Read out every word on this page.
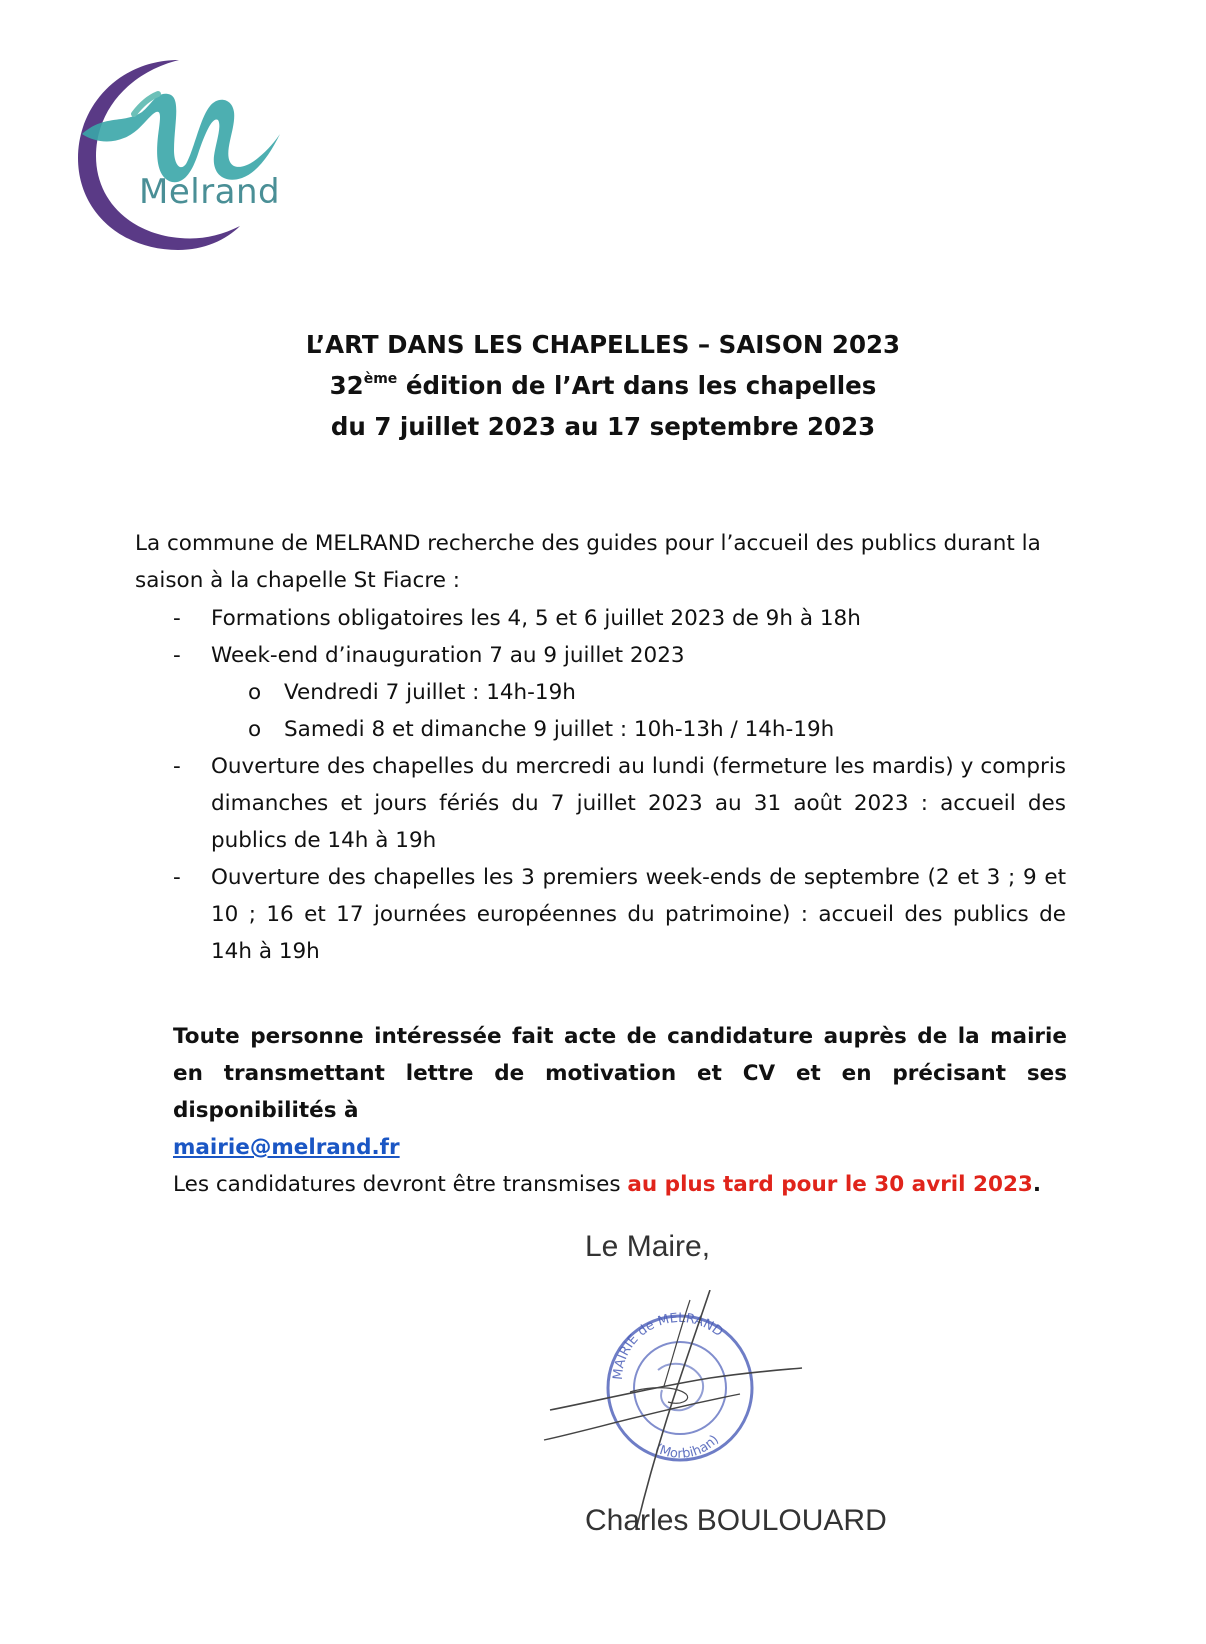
Melrand
L’ART DANS LES CHAPELLES – SAISON 2023
32ème édition de l’Art dans les chapelles
du 7 juillet 2023 au 17 septembre 2023

La commune de MELRAND recherche des guides pour l’accueil des publics durant la saison à la chapelle St Fiacre :

- Formations obligatoires les 4, 5 et 6 juillet 2023 de 9h à 18h
- Week-end d’inauguration 7 au 9 juillet 2023
o Vendredi 7 juillet : 14h-19h
o Samedi 8 et dimanche 9 juillet : 10h-13h / 14h-19h
- Ouverture des chapelles du mercredi au lundi (fermeture les mardis) y compris dimanches et jours fériés du 7 juillet 2023 au 31 août 2023 : accueil des publics de 14h à 19h
- Ouverture des chapelles les 3 premiers week-ends de septembre (2 et 3 ; 9 et 10 ; 16 et 17 journées européennes du patrimoine) : accueil des publics de 14h à 19h
Toute personne intéressée fait acte de candidature auprès de la mairie en transmettant lettre de motivation et CV et en précisant ses disponibilités à
mairie@melrand.fr
Les candidatures devront être transmises au plus tard pour le 30 avril 2023.
Le Maire,
MAIRIE de MELRAND
(Morbihan)
Charles BOULOUARD
